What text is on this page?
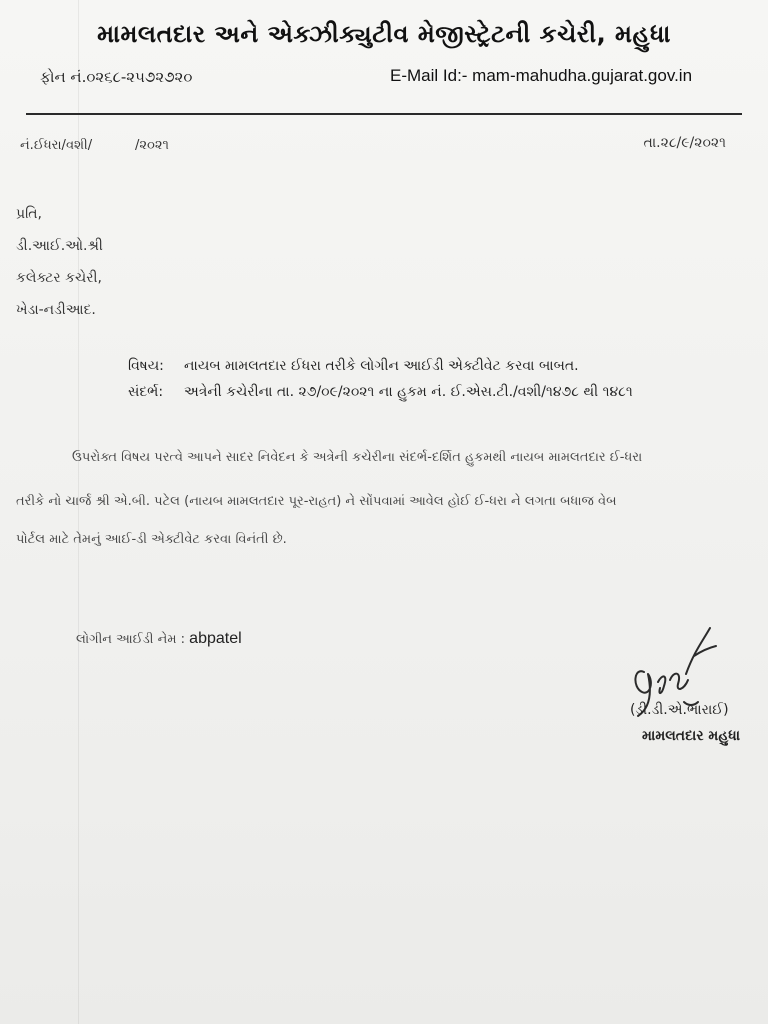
મામલતદાર અને એક્ઝીક્યુટીવ મેજીસ્ટ્રેટની કચેરી, મહુધા
ફોન નં.૦૨૬૮-૨૫૭૨૭૨૦	E-Mail Id:- mam-mahudha.gujarat.gov.in
નં.ઈધરા/વશી/	/૨૦૨૧	તા.૨૮/૯/૨૦૨૧
પ્રતિ,
ડી.આઈ.ઓ.શ્રી
કલેક્ટર કચેરી,
ખેડા-નડીઆદ.
વિષય: નાયબ મામલતદાર ઈધરા તરીકે લોગીન આઈડી એક્ટીવેટ કરવા બાબત.
સંદર્ભ: અત્રેની કચેરીના તા. ૨૭/૦૯/૨૦૨૧ ના હુકમ નં. ઈ.એસ.ટી./વશી/૧૪૭૮ થી ૧૪૮૧
ઉપરોક્ત વિષય પરત્વે આપને સાદર નિવેદન કે અત્રેની કચેરીના સંદર્ભ-દર્શિત હુકમથી નાયબ મામલતદાર ઈ-ધરા
તરીકે નો ચાર્જ શ્રી એ.બી. પટેલ (નાયબ મામલતદાર પૂર-રાહત) ને સોંપવામાં આવેલ હોઈ ઈ-ધરા ને લગતા બધાજ વેબ
પોર્ટલ માટે તેમનું આઈ-ડી એક્ટીવેટ કરવા વિનંતી છે.
લોગીન આઈડી નેમ : abpatel
(ડી.ડી.એ.ભારાઈ)
મામલતદાર મહુધા
